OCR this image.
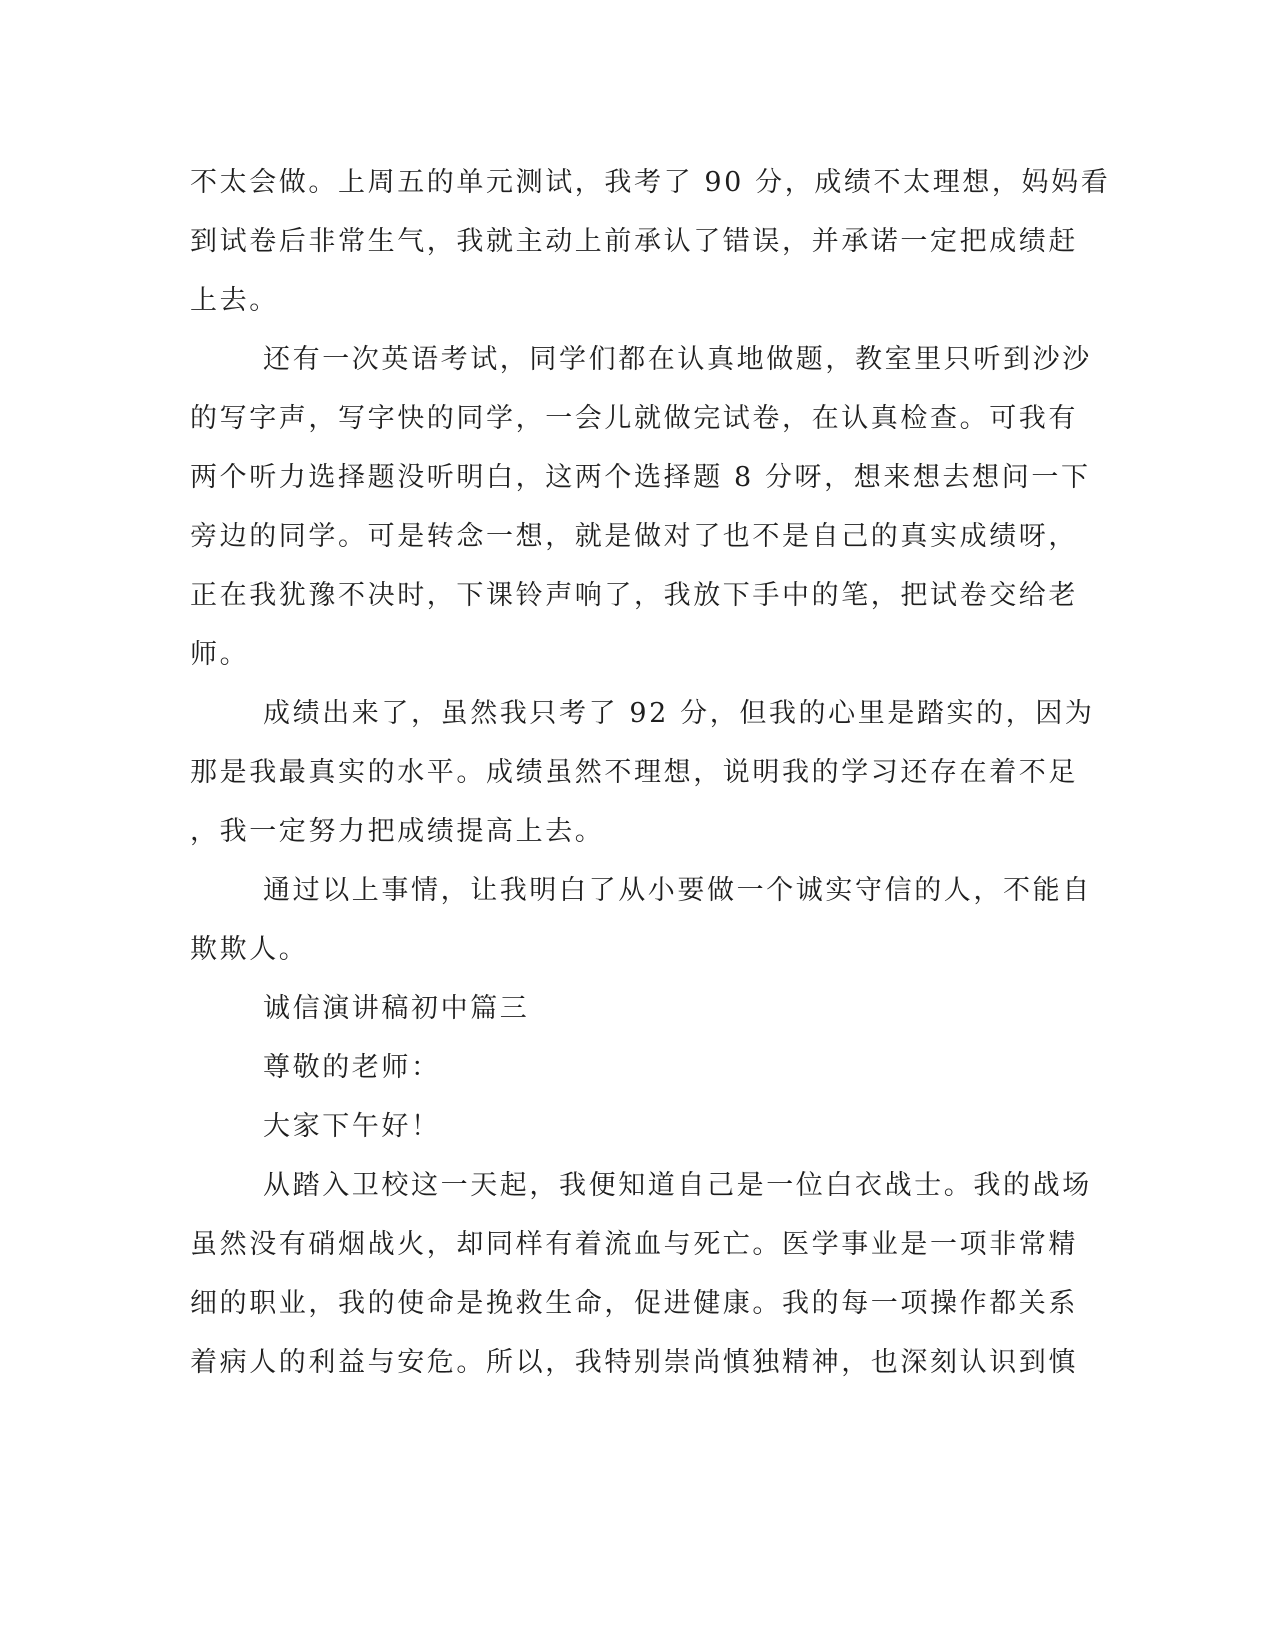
不太会做。上周五的单元测试，我考了 90 分，成绩不太理想，妈妈看
到试卷后非常生气，我就主动上前承认了错误，并承诺一定把成绩赶
上去。
还有一次英语考试，同学们都在认真地做题，教室里只听到沙沙
的写字声，写字快的同学，一会儿就做完试卷，在认真检查。可我有
两个听力选择题没听明白，这两个选择题 8 分呀，想来想去想问一下
旁边的同学。可是转念一想，就是做对了也不是自己的真实成绩呀，
正在我犹豫不决时，下课铃声响了，我放下手中的笔，把试卷交给老
师。
成绩出来了，虽然我只考了 92 分，但我的心里是踏实的，因为
那是我最真实的水平。成绩虽然不理想，说明我的学习还存在着不足
，我一定努力把成绩提高上去。
通过以上事情，让我明白了从小要做一个诚实守信的人，不能自
欺欺人。
诚信演讲稿初中篇三
尊敬的老师：
大家下午好！
从踏入卫校这一天起，我便知道自己是一位白衣战士。我的战场
虽然没有硝烟战火，却同样有着流血与死亡。医学事业是一项非常精
细的职业，我的使命是挽救生命，促进健康。我的每一项操作都关系
着病人的利益与安危。所以，我特别崇尚慎独精神，也深刻认识到慎
